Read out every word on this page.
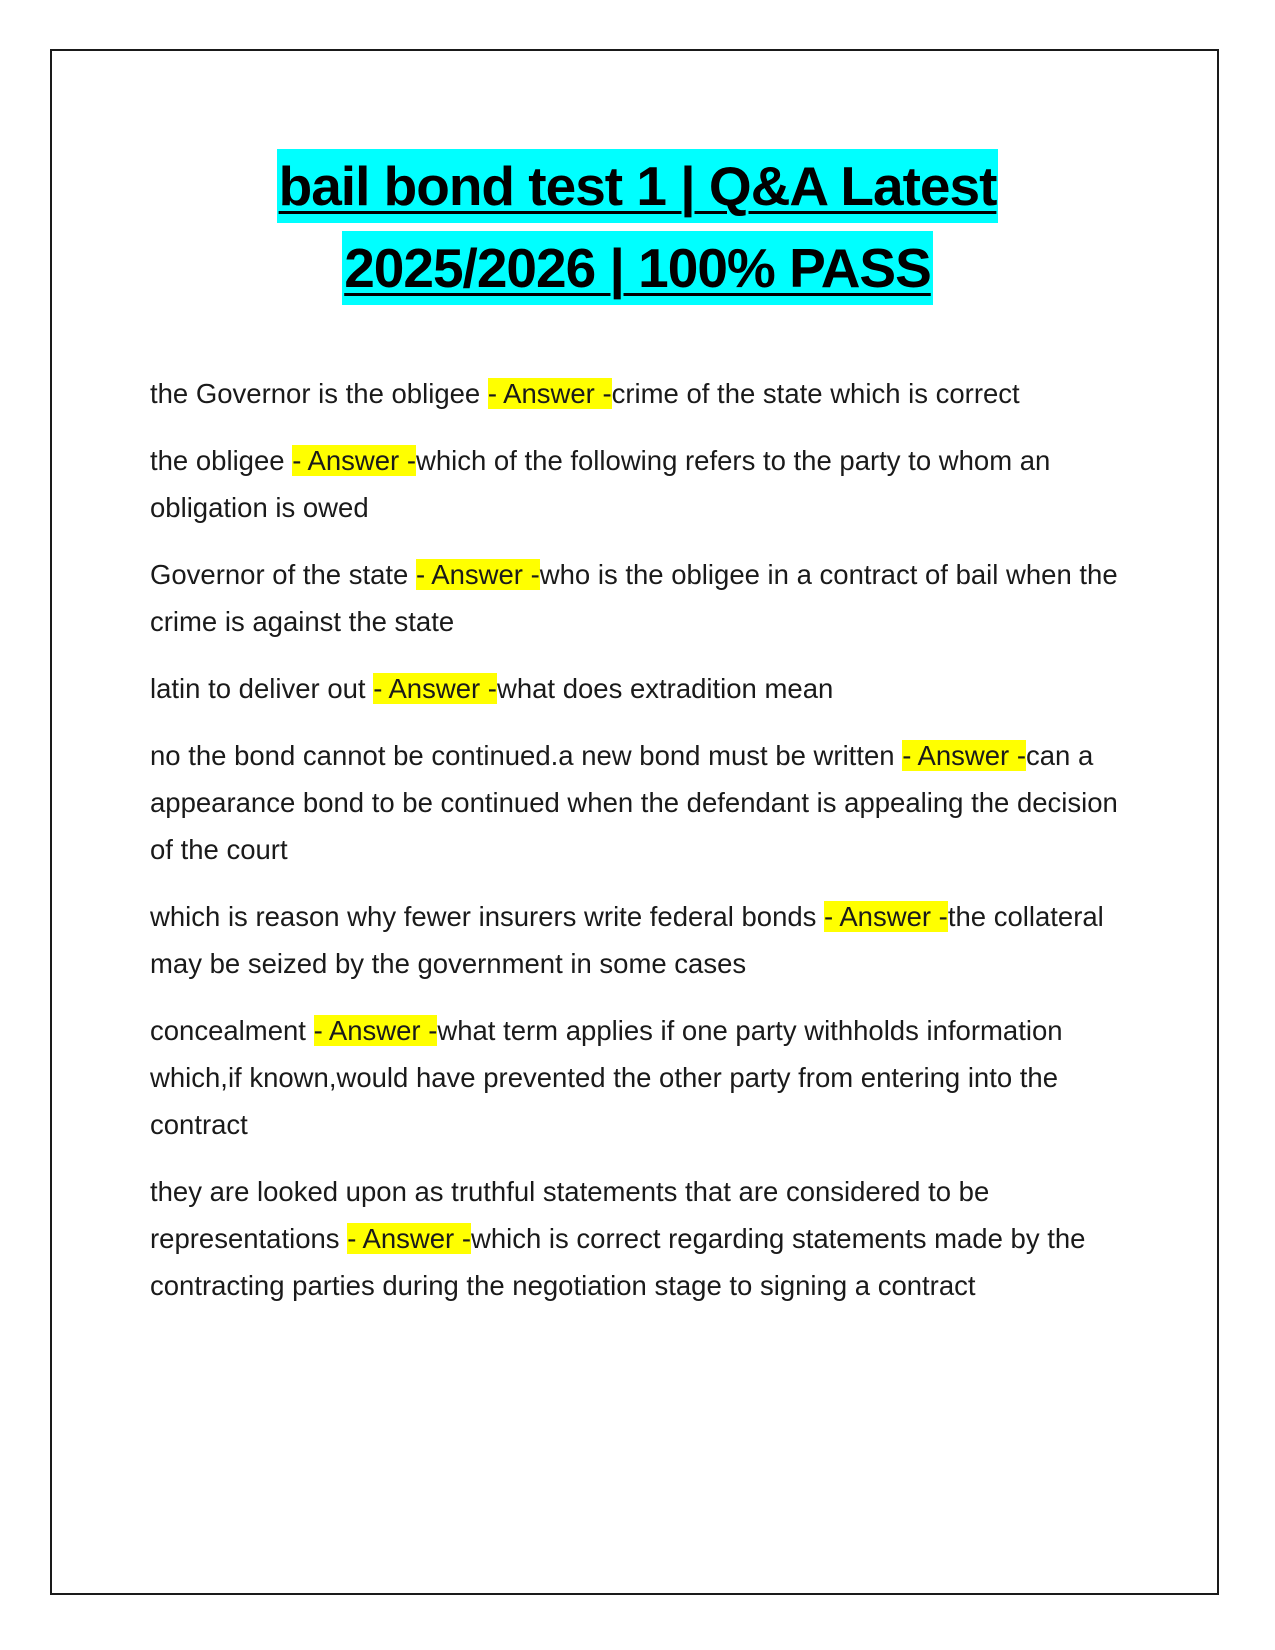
bail bond test 1 | Q&A Latest
2025/2026 | 100% PASS
the Governor is the obligee - Answer -crime of the state which is correct
the obligee - Answer -which of the following refers to the party to whom an obligation is owed
Governor of the state - Answer -who is the obligee in a contract of bail when the crime is against the state
latin to deliver out - Answer -what does extradition mean
no the bond cannot be continued.a new bond must be written - Answer -can a appearance bond to be continued when the defendant is appealing the decision of the court
which is reason why fewer insurers write federal bonds - Answer -the collateral may be seized by the government in some cases
concealment - Answer -what term applies if one party withholds information which,if known,would have prevented the other party from entering into the contract
they are looked upon as truthful statements that are considered to be representations - Answer -which is correct regarding statements made by the contracting parties during the negotiation stage to signing a contract
